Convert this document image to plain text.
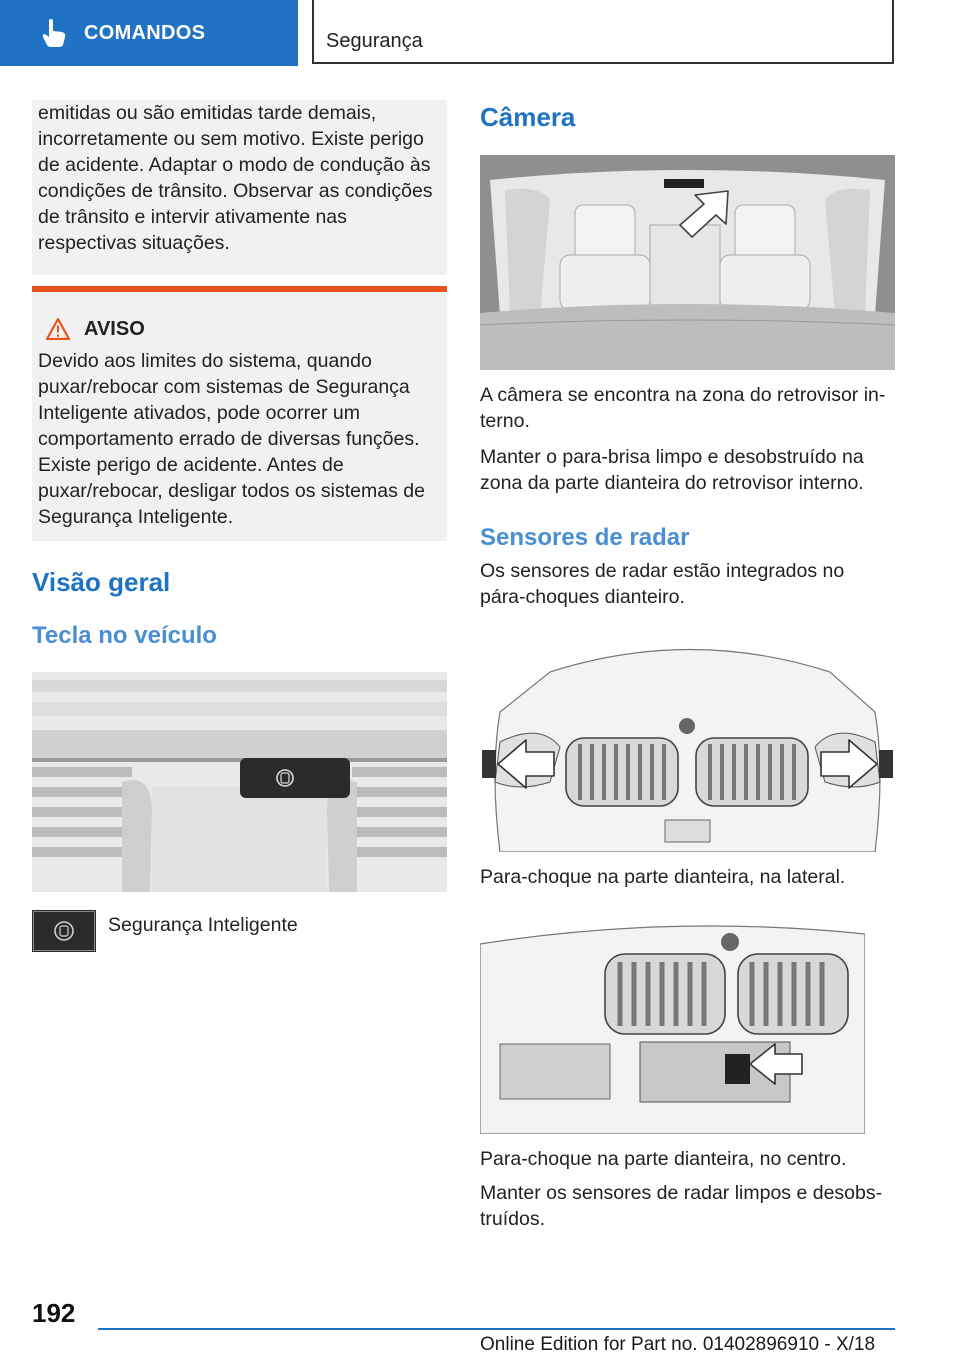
COMANDOS	Segurança
emitidas ou são emitidas tarde demais, incorretamente ou sem motivo. Existe perigo de acidente. Adaptar o modo de condução às condições de trânsito. Observar as condições de trânsito e intervir ativamente nas respectivas situações.
AVISO
Devido aos limites do sistema, quando puxar/rebocar com sistemas de Segurança Inteligente ativados, pode ocorrer um comportamento errado de diversas funções. Existe perigo de acidente. Antes de puxar/rebocar, desligar todos os sistemas de Segurança Inteligente.
Visão geral
Tecla no veículo
Segurança Inteligente
Câmera

A câmera se encontra na zona do retrovisor interno.

Manter o para-brisa limpo e desobstruído na zona da parte dianteira do retrovisor interno.

Sensores de radar

Os sensores de radar estão integrados no pára-choques dianteiro.

Para-choque na parte dianteira, na lateral.

Para-choque na parte dianteira, no centro.

Manter os sensores de radar limpos e desobstruídos.

192
Online Edition for Part no. 01402896910 - X/18
